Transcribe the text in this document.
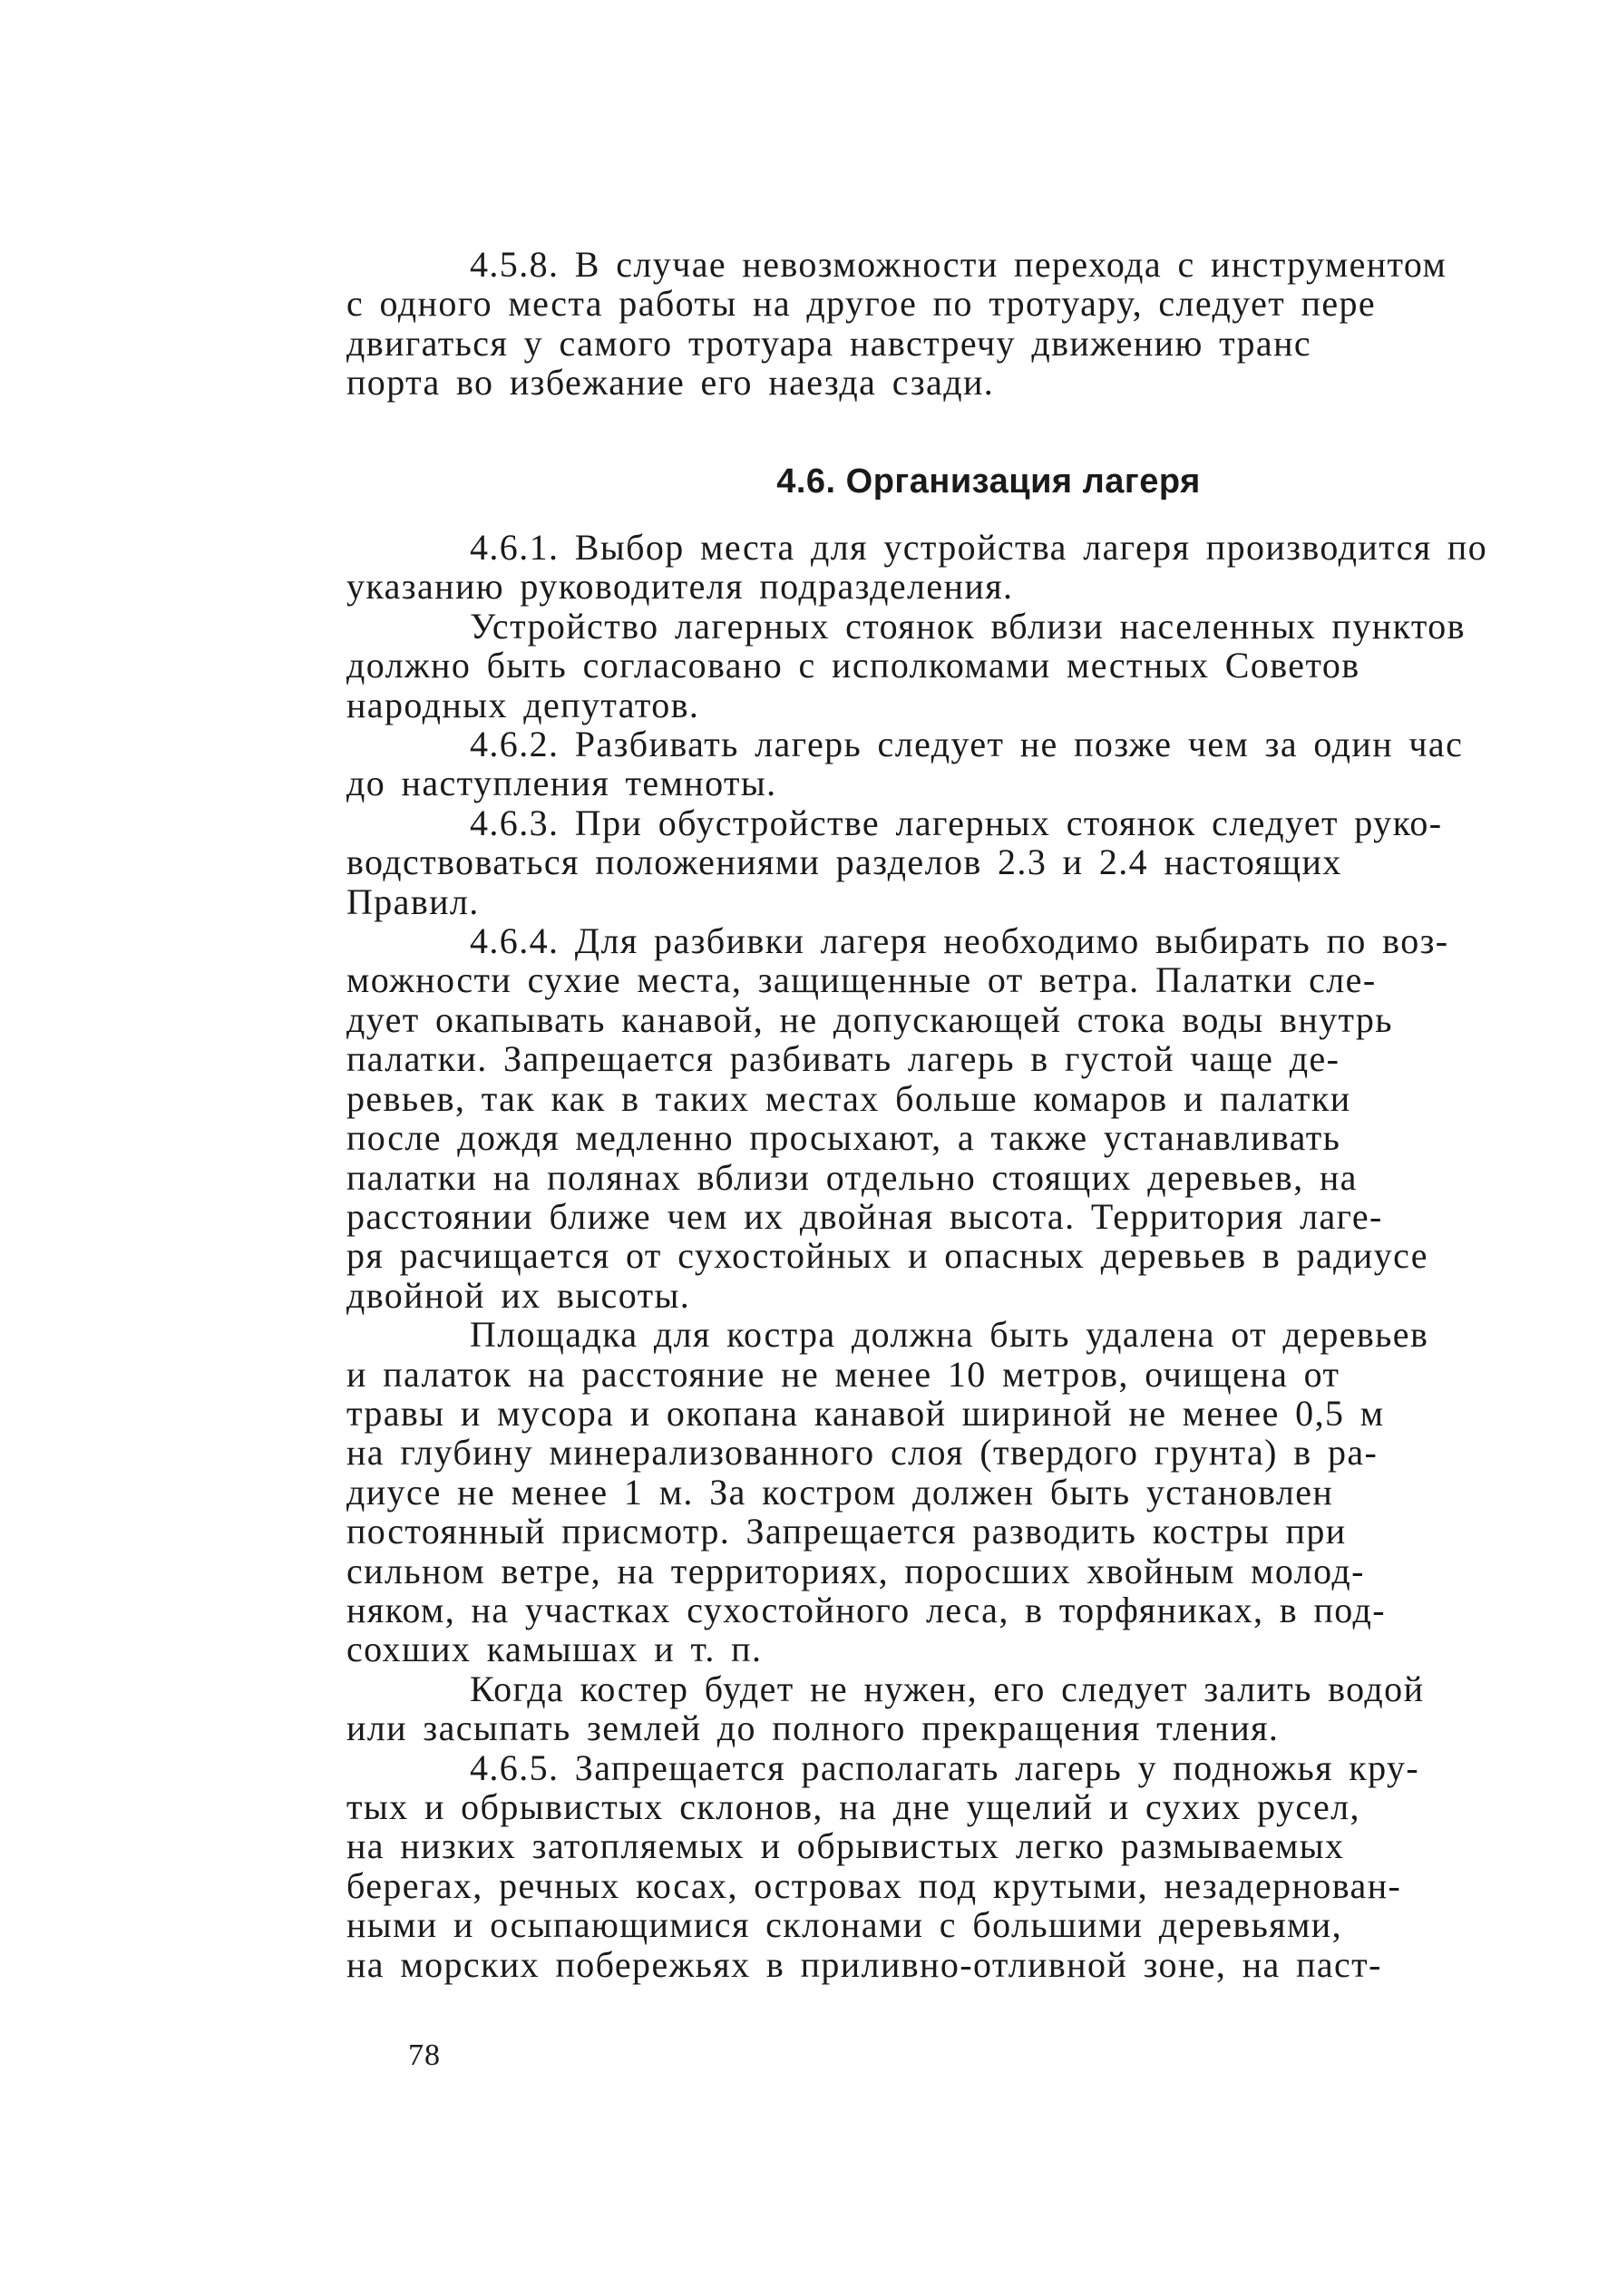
4.5.8. В случае невозможности перехода с инструментом
с одного места работы на другое по тротуару, следует пере
двигаться у самого тротуара навстречу движению транс
порта во избежание его наезда сзади.

4.6. Организация лагеря

4.6.1. Выбор места для устройства лагеря производится по
указанию руководителя подразделения.

Устройство лагерных стоянок вблизи населенных пунктов
должно быть согласовано с исполкомами местных Советов
народных депутатов.

4.6.2. Разбивать лагерь следует не позже чем за один час
до наступления темноты.

4.6.3. При обустройстве лагерных стоянок следует руко-
водствоваться положениями разделов 2.3 и 2.4 настоящих
Правил.

4.6.4. Для разбивки лагеря необходимо выбирать по воз-
можности сухие места, защищенные от ветра. Палатки сле-
дует окапывать канавой, не допускающей стока воды внутрь
палатки. Запрещается разбивать лагерь в густой чаще де-
ревьев, так как в таких местах больше комаров и палатки
после дождя медленно просыхают, а также устанавливать
палатки на полянах вблизи отдельно стоящих деревьев, на
расстоянии ближе чем их двойная высота. Территория лаге-
ря расчищается от сухостойных и опасных деревьев в радиусе
двойной их высоты.

Площадка для костра должна быть удалена от деревьев
и палаток на расстояние не менее 10 метров, очищена от
травы и мусора и окопана канавой шириной не менее 0,5 м
на глубину минерализованного слоя (твердого грунта) в ра-
диусе не менее 1 м. За костром должен быть установлен
постоянный присмотр. Запрещается разводить костры при
сильном ветре, на территориях, поросших хвойным молод-
няком, на участках сухостойного леса, в торфяниках, в под-
сохших камышах и т. п.

Когда костер будет не нужен, его следует залить водой
или засыпать землей до полного прекращения тления.

4.6.5. Запрещается располагать лагерь у подножья кру-
тых и обрывистых склонов, на дне ущелий и сухих русел,
на низких затопляемых и обрывистых легко размываемых
берегах, речных косах, островах под крутыми, незадернован-
ными и осыпающимися склонами с большими деревьями,
на морских побережьях в приливно-отливной зоне, на паст-

78
